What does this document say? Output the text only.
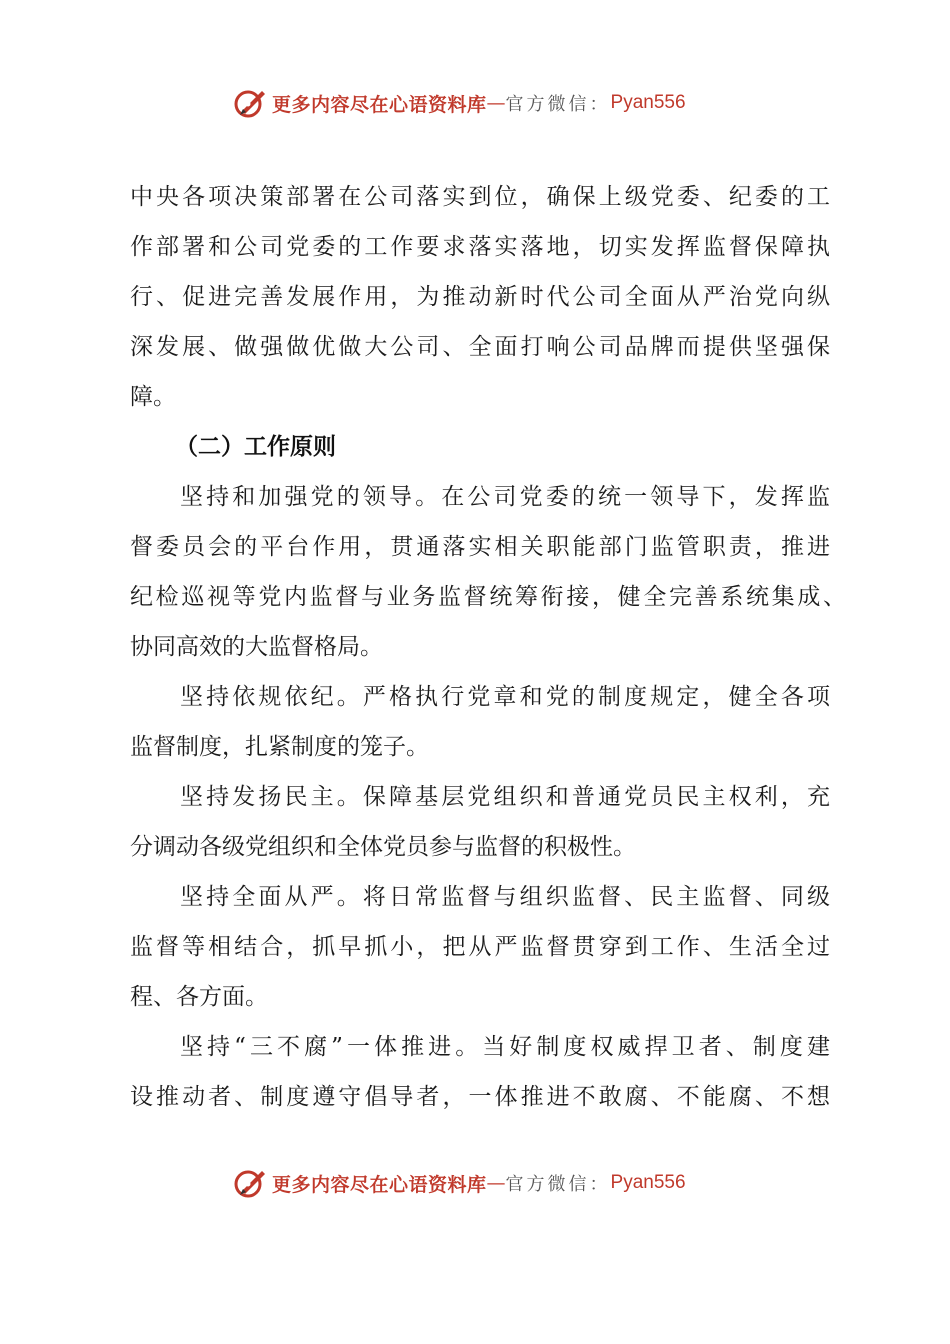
更多内容尽在心语资料库 — 官方微信： Pyan556
中央各项决策部署在公司落实到位，确保上级党委、纪委的工
作部署和公司党委的工作要求落实落地，切实发挥监督保障执
行、促进完善发展作用，为推动新时代公司全面从严治党向纵
深发展、做强做优做大公司、全面打响公司品牌而提供坚强保
障。
（二）工作原则
坚持和加强党的领导。在公司党委的统一领导下，发挥监
督委员会的平台作用，贯通落实相关职能部门监管职责，推进
纪检巡视等党内监督与业务监督统筹衔接，健全完善系统集成、
协同高效的大监督格局。
坚持依规依纪。严格执行党章和党的制度规定，健全各项
监督制度，扎紧制度的笼子。
坚持发扬民主。保障基层党组织和普通党员民主权利，充
分调动各级党组织和全体党员参与监督的积极性。
坚持全面从严。将日常监督与组织监督、民主监督、同级
监督等相结合，抓早抓小，把从严监督贯穿到工作、生活全过
程、各方面。
坚持“三不腐”一体推进。当好制度权威捍卫者、制度建
设推动者、制度遵守倡导者，一体推进不敢腐、不能腐、不想
更多内容尽在心语资料库 — 官方微信： Pyan556
